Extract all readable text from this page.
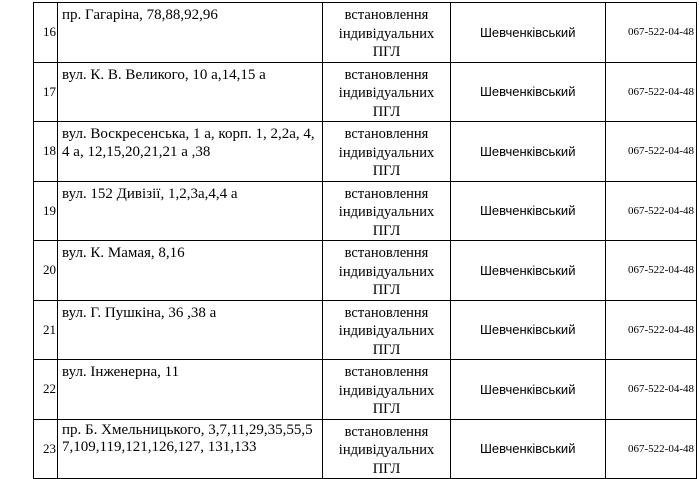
16	пр. Гагаріна, 78,88,92,96	встановлення індивідуальних ПГЛ	Шевченківський	067-522-04-48
17	вул. К. В. Великого, 10 а,14,15 а	встановлення індивідуальних ПГЛ	Шевченківський	067-522-04-48
18	вул. Воскресенська, 1 а, корп. 1, 2,2а, 4,4 а, 12,15,20,21,21 а ,38	встановлення індивідуальних ПГЛ	Шевченківський	067-522-04-48
19	вул. 152 Дивізії, 1,2,3а,4,4 а	встановлення індивідуальних ПГЛ	Шевченківський	067-522-04-48
20	вул. К. Мамая, 8,16	встановлення індивідуальних ПГЛ	Шевченківський	067-522-04-48
21	вул. Г. Пушкіна, 36 ,38 а	встановлення індивідуальних ПГЛ	Шевченківський	067-522-04-48
22	вул. Інженерна, 11	встановлення індивідуальних ПГЛ	Шевченківський	067-522-04-48
23	пр. Б. Хмельницького, 3,7,11,29,35,55,57,109,119,121,126,127, 131,133	встановлення індивідуальних ПГЛ	Шевченківський	067-522-04-48
